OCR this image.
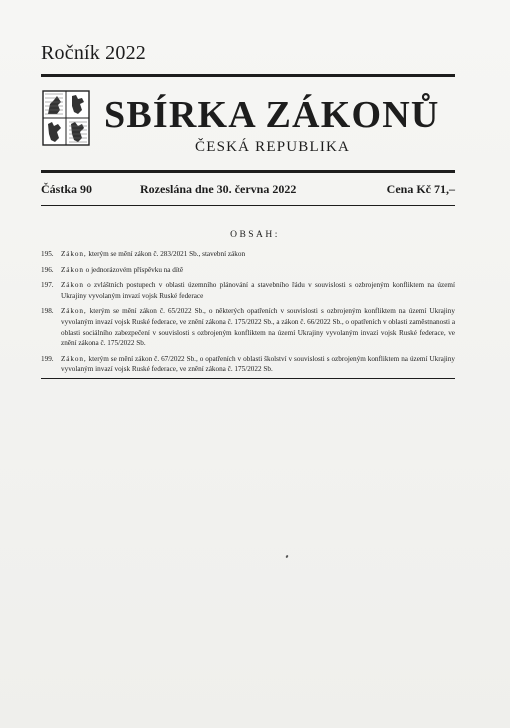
Ročník 2022
SBÍRKA ZÁKONŮ
ČESKÁ REPUBLIKA
Částka 90	Rozeslána dne 30. června 2022	Cena Kč 71,–
OBSAH:
195.	Zákon, kterým se mění zákon č. 283/2021 Sb., stavební zákon
196.	Zákon o jednorázovém příspěvku na dítě
197.	Zákon o zvláštních postupech v oblasti územního plánování a stavebního řádu v souvislosti s ozbrojeným konfliktem na území Ukrajiny vyvolaným invazí vojsk Ruské federace
198.	Zákon, kterým se mění zákon č. 65/2022 Sb., o některých opatřeních v souvislosti s ozbrojeným konfliktem na území Ukrajiny vyvolaným invazí vojsk Ruské federace, ve znění zákona č. 175/2022 Sb., a zákon č. 66/2022 Sb., o opatřeních v oblasti zaměstnanosti a oblasti sociálního zabezpečení v souvislosti s ozbrojeným konfliktem na území Ukrajiny vyvolaným invazí vojsk Ruské federace, ve znění zákona č. 175/2022 Sb.
199.	Zákon, kterým se mění zákon č. 67/2022 Sb., o opatřeních v oblasti školství v souvislosti s ozbrojeným konfliktem na území Ukrajiny vyvolaným invazí vojsk Ruské federace, ve znění zákona č. 175/2022 Sb.
